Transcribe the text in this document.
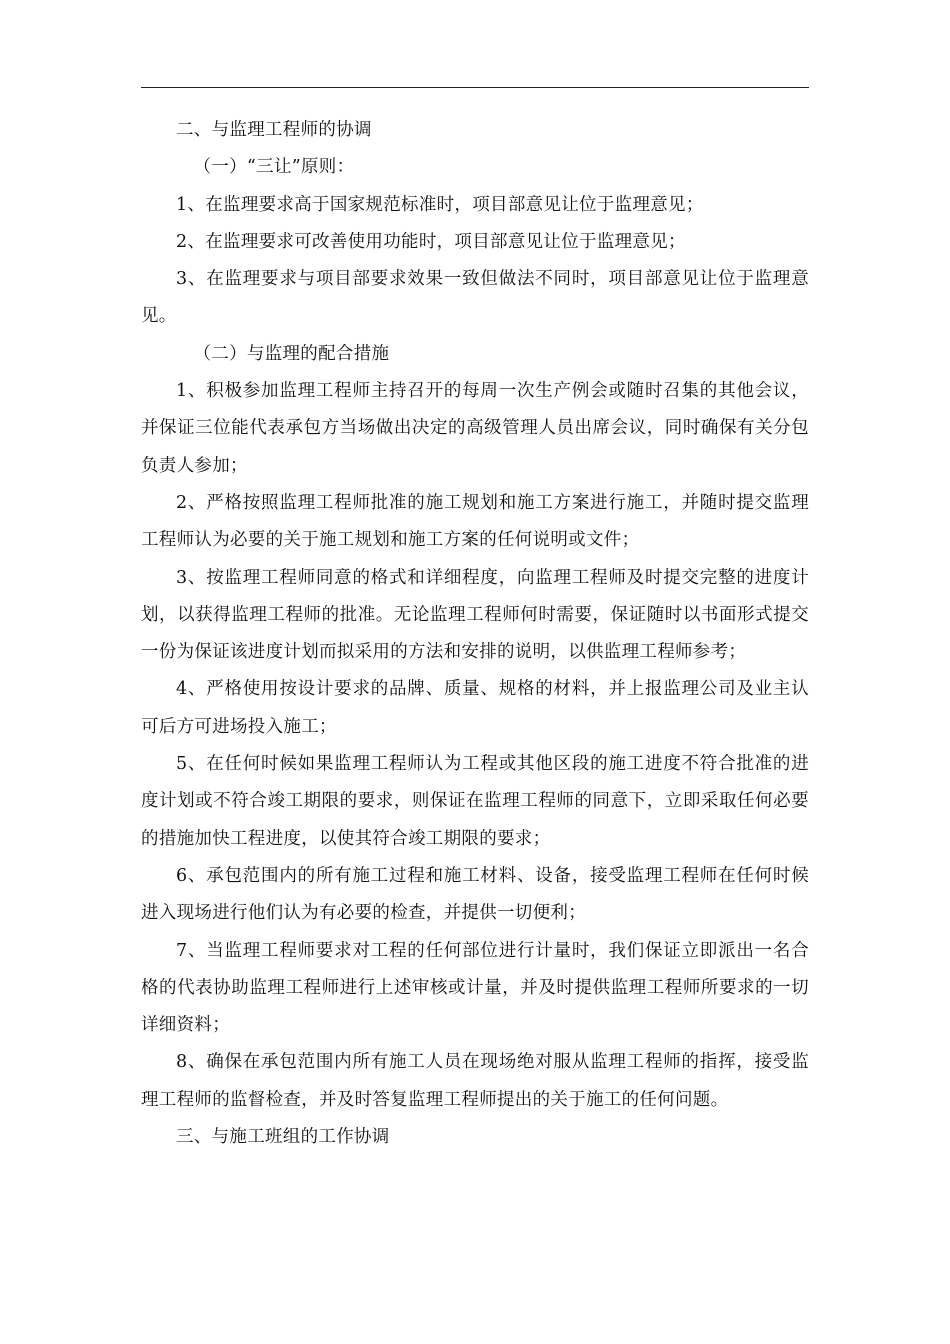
二、与监理工程师的协调

（一）“三让”原则：

1、在监理要求高于国家规范标准时，项目部意见让位于监理意见；

2、在监理要求可改善使用功能时，项目部意见让位于监理意见；

3、在监理要求与项目部要求效果一致但做法不同时，项目部意见让位于监理意见。

（二）与监理的配合措施

1、积极参加监理工程师主持召开的每周一次生产例会或随时召集的其他会议，并保证三位能代表承包方当场做出决定的高级管理人员出席会议，同时确保有关分包负责人参加；

2、严格按照监理工程师批准的施工规划和施工方案进行施工，并随时提交监理工程师认为必要的关于施工规划和施工方案的任何说明或文件；

3、按监理工程师同意的格式和详细程度，向监理工程师及时提交完整的进度计划，以获得监理工程师的批准。无论监理工程师何时需要，保证随时以书面形式提交一份为保证该进度计划而拟采用的方法和安排的说明，以供监理工程师参考；

4、严格使用按设计要求的品牌、质量、规格的材料，并上报监理公司及业主认可后方可进场投入施工；

5、在任何时候如果监理工程师认为工程或其他区段的施工进度不符合批准的进度计划或不符合竣工期限的要求，则保证在监理工程师的同意下，立即采取任何必要的措施加快工程进度，以使其符合竣工期限的要求；

6、承包范围内的所有施工过程和施工材料、设备，接受监理工程师在任何时候进入现场进行他们认为有必要的检查，并提供一切便利；

7、当监理工程师要求对工程的任何部位进行计量时，我们保证立即派出一名合格的代表协助监理工程师进行上述审核或计量，并及时提供监理工程师所要求的一切详细资料；

8、确保在承包范围内所有施工人员在现场绝对服从监理工程师的指挥，接受监理工程师的监督检查，并及时答复监理工程师提出的关于施工的任何问题。

三、与施工班组的工作协调
